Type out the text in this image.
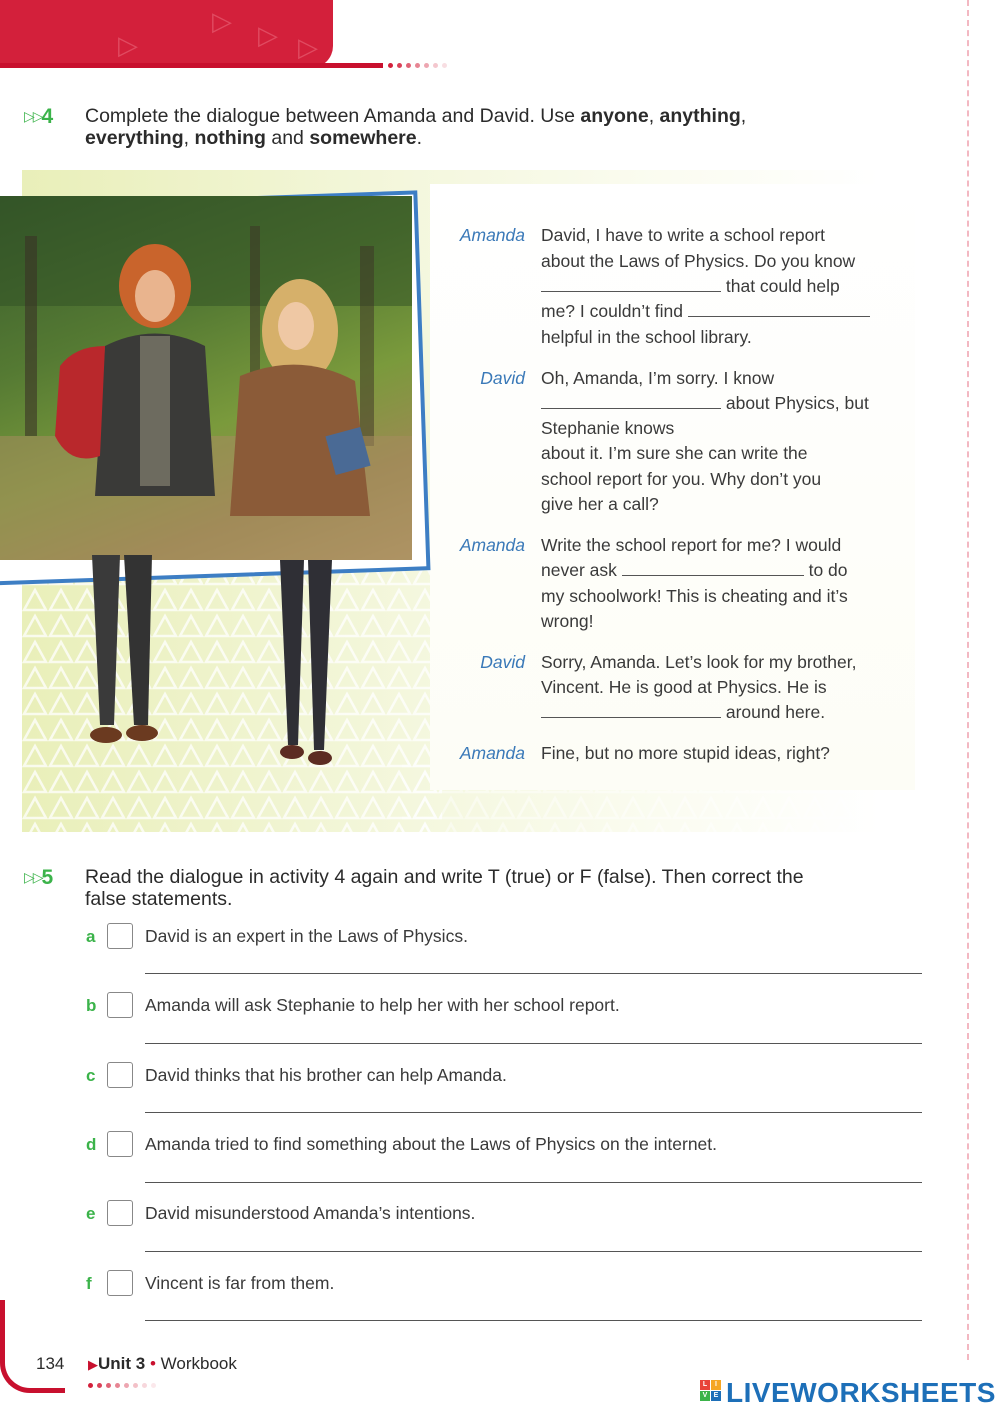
▷ ▷
▷	▷
▷▷4 Complete the dialogue between Amanda and David. Use anyone, anything,
everything, nothing and somewhere.
Amanda David, I have to write a school report
about the Laws of Physics. Do you know
that could help
me? I couldn’t find
helpful in the school library.
David Oh, Amanda, I’m sorry. I know
about Physics, but
Stephanie knows
about it. I’m sure she can write the
school report for you. Why don’t you
give her a call?
Amanda Write the school report for me? I would
never ask	to do
my schoolwork! This is cheating and it’s
wrong!
David Sorry, Amanda. Let’s look for my brother,
Vincent. He is good at Physics. He is
around here.
Amanda Fine, but no more stupid ideas, right?
▷▷5 Read the dialogue in activity 4 again and write T (true) or F (false). Then correct the
false statements.
a	David is an expert in the Laws of Physics.
b	Amanda will ask Stephanie to help her with her school report.
c	David thinks that his brother can help Amanda.
d	Amanda tried to find something about the Laws of Physics on the internet.
e	David misunderstood Amanda’s intentions.
f	Vincent is far from them.
134 ▶Unit 3 • Workbook
L	I
V E LIVEWORKSHEETS
